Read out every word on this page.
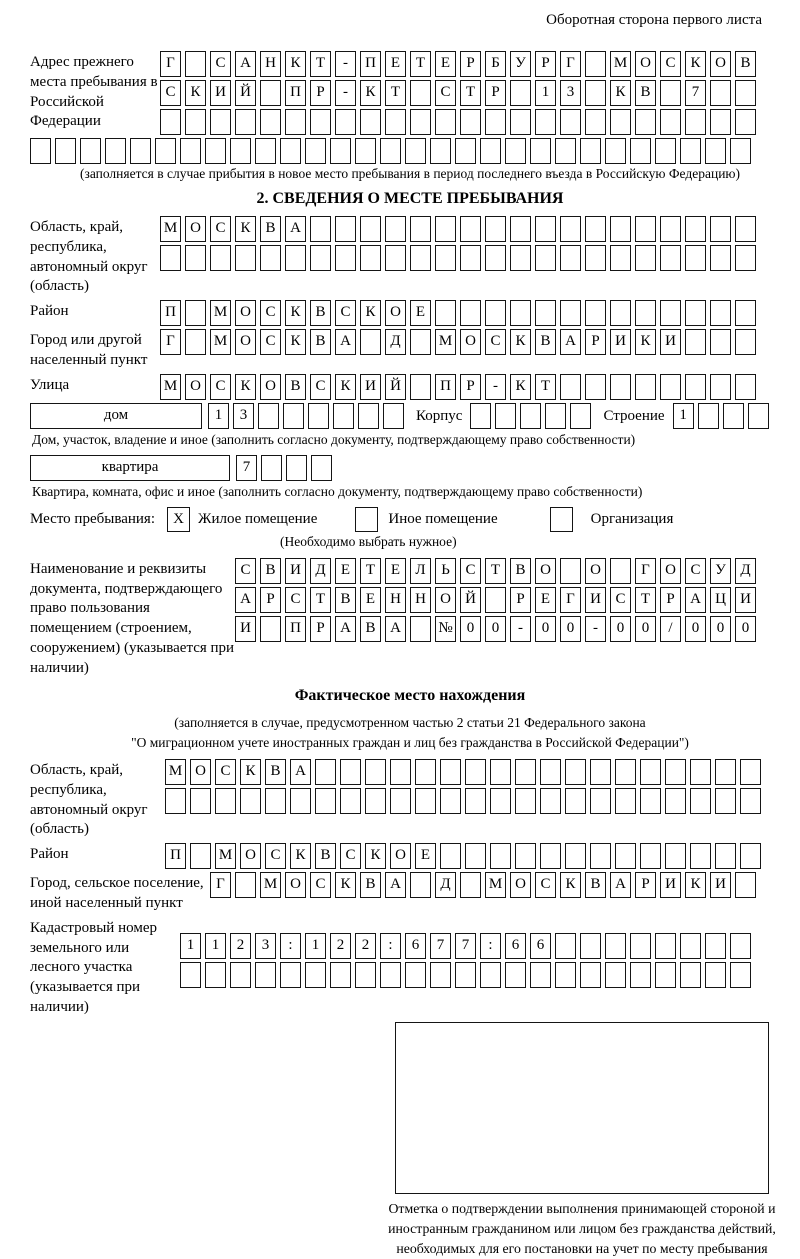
Оборотная сторона первого листа
Адрес прежнего места пребывания в Российской Федерации
Г	С А Н К	Т	-	П Е	Т	Е	Р	Б	У	Р	Г	М О С К О В
С К И Й	П	Р	-	К	Т	С	Т	Р	1	3	К В	7
(заполняется в случае прибытия в новое место пребывания в период последнего въезда в Российскую Федерацию)
2. СВЕДЕНИЯ О МЕСТЕ ПРЕБЫВАНИЯ
Область, край, республика, автономный округ (область)
М О С К В А
Район	П	М О С К В С К О Е
Город или другой населенный пункт
Г	М О С К В А	Д	М О С К В А	Р	И К И
Улица	М О С К О В С К И Й	П	Р	-	К	Т
дом	1	3	Корпус	Строение 1
Дом, участок, владение и иное (заполнить согласно документу, подтверждающему право собственности)
квартира	7
Квартира, комната, офис и иное (заполнить согласно документу, подтверждающему право собственности)
Место пребывания:	X Жилое помещение	Иное помещение	Организация
(Необходимо выбрать нужное)
Наименование и реквизиты документа, подтверждающего право пользования помещением (строением, сооружением) (указывается при наличии)
С В И Д	Е	Т	Е	Л	Ь	С	Т	В О	О	Г	О С У Д
А	Р	С	Т	В	Е	Н Н О Й	Р	Е	Г	И С	Т	Р	А Ц И
И	П	Р	А В А	№ 0	0	-	0	0	-	0	0	/	0	0	0
Фактическое место нахождения
(заполняется в случае, предусмотренном частью 2 статьи 21 Федерального закона
"О миграционном учете иностранных граждан и лиц без гражданства в Российской Федерации")
Область, край, республика, автономный округ (область)
М О С К В А
Район	П	М О С К В С К О Е
Город, сельское поселение, иной населенный пункт
Г	М О С К В А	Д	М О С К В А	Р	И К И
Кадастровый номер земельного или лесного участка (указывается при наличии)
1	1	2	3	:	1	2	2	:	6	7	7	:	6	6
Отметка о подтверждении выполнения принимающей стороной и иностранным гражданином или лицом без гражданства действий, необходимых для его постановки на учет по месту пребывания
